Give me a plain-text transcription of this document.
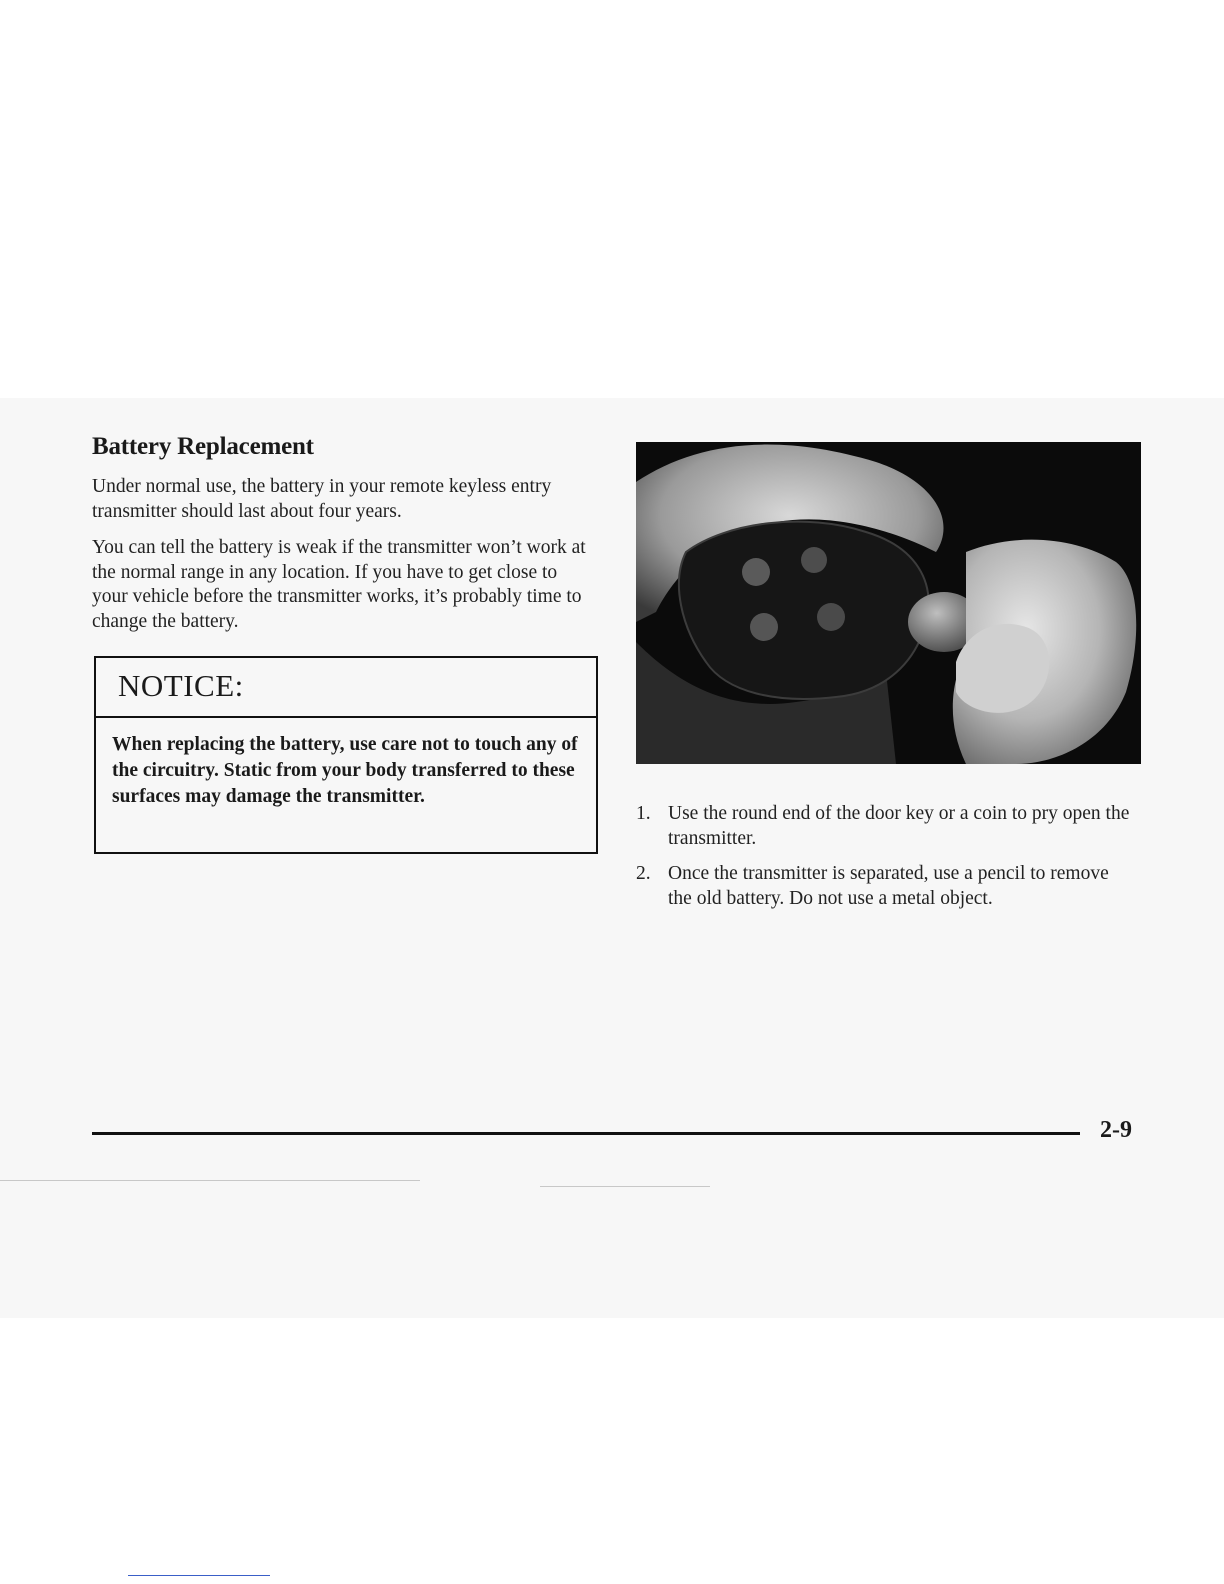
Battery Replacement

Under normal use, the battery in your remote keyless entry transmitter should last about four years.

You can tell the battery is weak if the transmitter won’t work at the normal range in any location. If you have to get close to your vehicle before the transmitter works, it’s probably time to change the battery.

NOTICE:

When replacing the battery, use care not to touch any of the circuitry. Static from your body transferred to these surfaces may damage the transmitter.

1. Use the round end of the door key or a coin to pry open the transmitter.
2. Once the transmitter is separated, use a pencil to remove the old battery. Do not use a metal object.

2-9
